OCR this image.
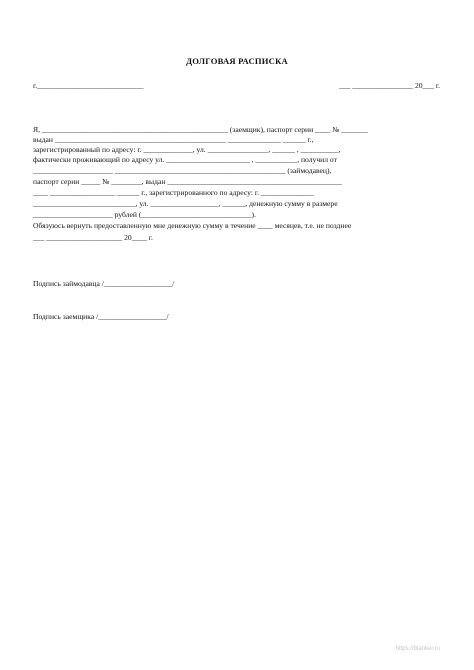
ДОЛГОВАЯ РАСПИСКА
г.____________________________	___ ________________ 20___ г.
Я, _________________________________________________ (заемщик), паспорт серии ____ № _______
выдан _____________________________________________ ______________ ______ г.,
зарегистрированный по адресу: г. _____________, ул. ________________, ______ , __________,
фактически проживающий по адресу ул. ______________________ , ___________, получил от
_____________________ _____________________________________________ (займодавец),
паспорт серии _____ № ________, выдан ______________________________________________
____ _________________ ______ г., зарегистрированного по адресу: г. ______________
___________________________, ул. __________________, ______, денежную сумму в размере
_____________________ рублей (_____________________________).
Обязуюсь вернуть предоставленную мне денежную сумму в течение ____ месяцев, т.е. не позднее
___ ____________________ 20____ г.
Подпись займодавца /__________________/
Подпись заемщика /__________________/
https://blanker.ru
